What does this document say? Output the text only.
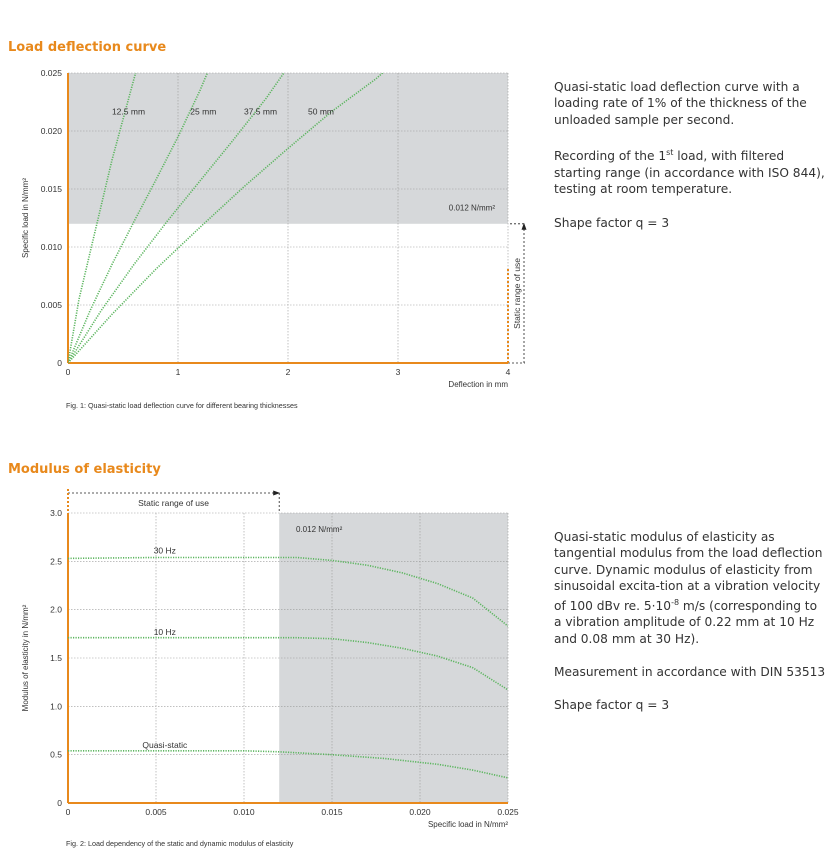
Load deflection curve

Quasi-static load deflection curve with a loading rate of 1% of the thickness of the unloaded sample per second.

Recording of the 1st load, with filtered starting range (in accordance with ISO 844), testing at room temperature.

Shape factor q = 3

Fig. 1: Quasi-static load deflection curve for different bearing thicknesses
Modulus of elasticity

Quasi-static modulus of elasticity as tangential modulus from the load deflection curve. Dynamic modulus of elasticity from sinusoidal excita-tion at a vibration velocity of 100 dBv re. $5\cdot 10^{-8}$ m/s (corresponding to a vibration amplitude of 0.22 mm at 10 Hz and 0.08 mm at 30 Hz).

Measurement in accordance with DIN 53513

Shape factor q = 3

Fig. 2: Load dependency of the static and dynamic modulus of elasticity
0	1	2	3	4
0
0.005
0.010
0.015
0.020
0.025
Deflection in mm
Specific load in N/mm²
12.5 mm	25 mm	37.5 mm	50 mm
0.012 N/mm²
Static range of use
0	0.005	0.010	0.015	0.020	0.025
0
0.5
1.0
1.5
2.0
2.5
3.0
Specific load in N/mm²
Modulus of elasticity in N/mm²
30 Hz
10 Hz
Quasi-static
0.012 N/mm²
Static range of use
